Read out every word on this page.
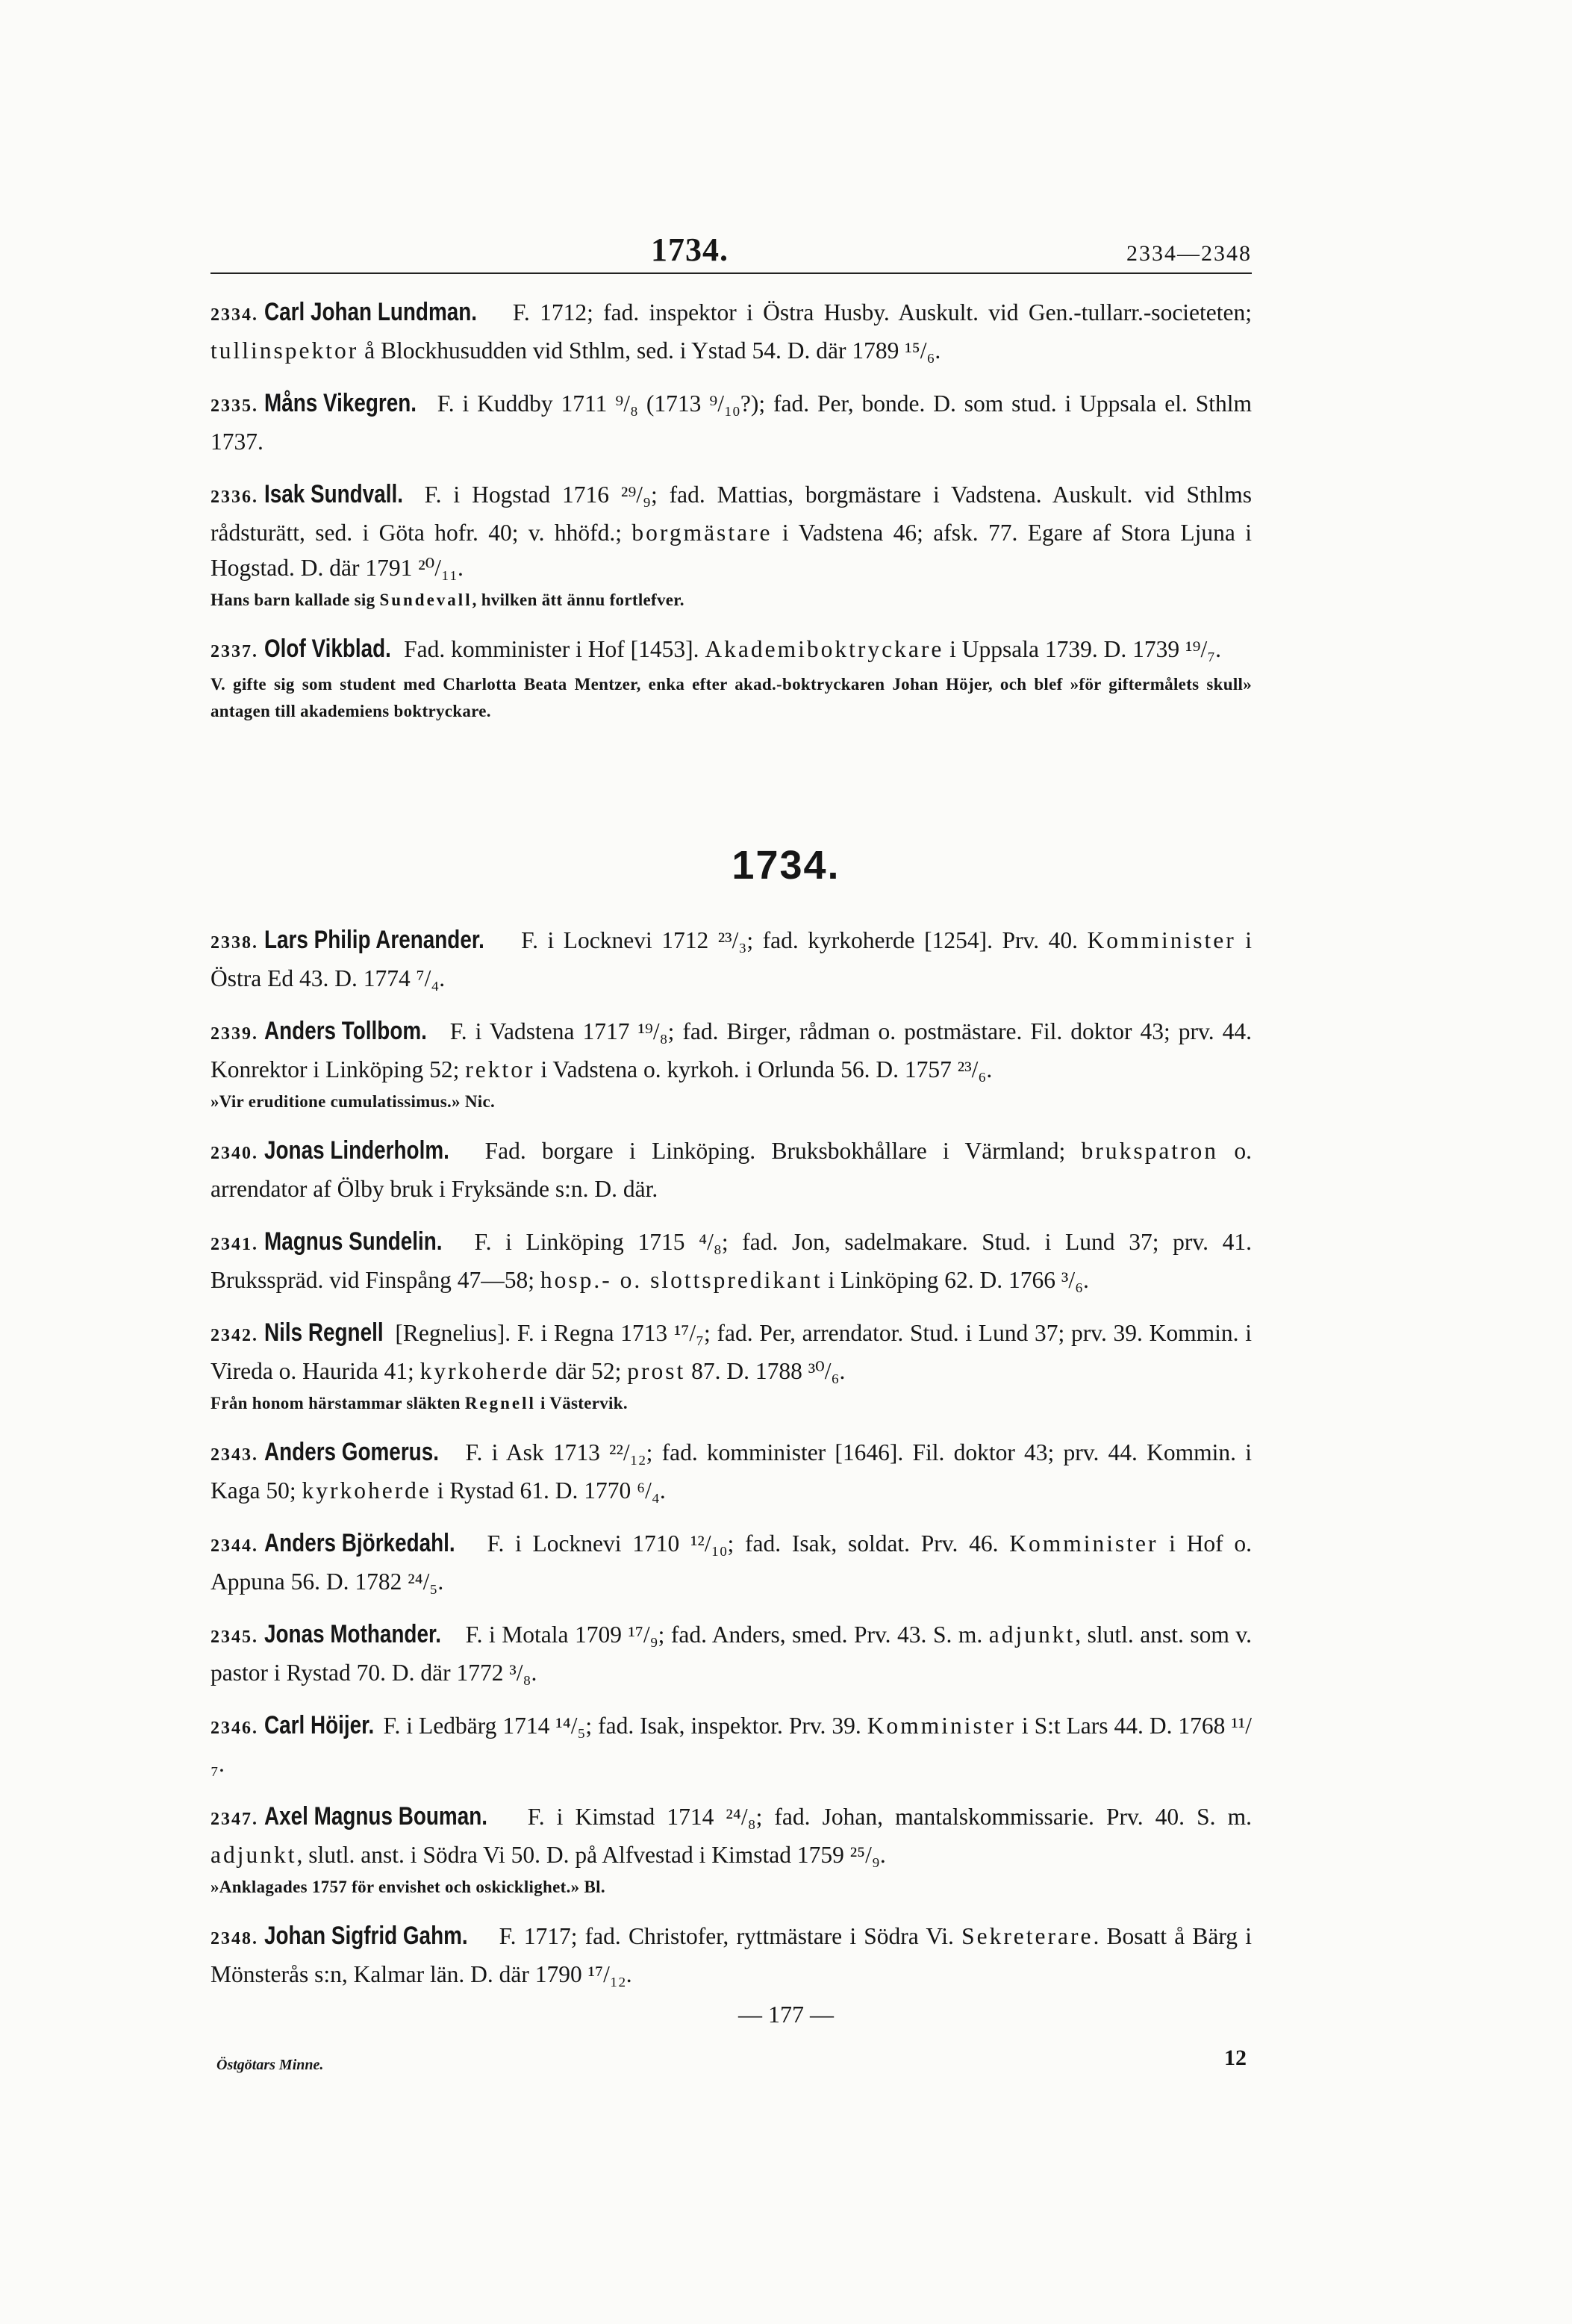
1734.	2334—2348
2334. Carl Johan Lundman. F. 1712; fad. inspektor i Östra Husby. Auskult. vid Gen.-tullarr.-societeten; tullinspektor å Blockhusudden vid Sthlm, sed. i Ystad 54. D. där 1789 ¹⁵/₆.
2335. Måns Vikegren. F. i Kuddby 1711 ⁹/₈ (1713 ⁹/₁₀?); fad. Per, bonde. D. som stud. i Uppsala el. Sthlm 1737.
2336. Isak Sundvall. F. i Hogstad 1716 ²⁹/₉; fad. Mattias, borgmästare i Vadstena. Auskult. vid Sthlms rådsturätt, sed. i Göta hofr. 40; v. hhöfd.; borgmästare i Vadstena 46; afsk. 77. Egare af Stora Ljuna i Hogstad. D. där 1791 ²⁰/₁₁.
Hans barn kallade sig Sundevall, hvilken ätt ännu fortlefver.
2337. Olof Vikblad. Fad. komminister i Hof [1453]. Akademiboktryckare i Uppsala 1739. D. 1739 ¹⁹/₇.
V. gifte sig som student med Charlotta Beata Mentzer, enka efter akad.-boktryckaren Johan Höjer, och blef »för giftermålets skull» antagen till akademiens boktryckare.
1734.
2338. Lars Philip Arenander. F. i Locknevi 1712 ²³/₃; fad. kyrkoherde [1254]. Prv. 40. Komminister i Östra Ed 43. D. 1774 ⁷/₄.
2339. Anders Tollbom. F. i Vadstena 1717 ¹⁹/₈; fad. Birger, rådman o. postmästare. Fil. doktor 43; prv. 44. Konrektor i Linköping 52; rektor i Vadstena o. kyrkoh. i Orlunda 56. D. 1757 ²³/₆.
»Vir eruditione cumulatissimus.» Nic.
2340. Jonas Linderholm. Fad. borgare i Linköping. Bruksbokhållare i Värmland; brukspatron o. arrendator af Ölby bruk i Fryksände s:n. D. där.
2341. Magnus Sundelin. F. i Linköping 1715 ⁴/₈; fad. Jon, sadelmakare. Stud. i Lund 37; prv. 41. Bruksspräd. vid Finspång 47—58; hosp.- o. slottspredikant i Linköping 62. D. 1766 ³/₆.
2342. Nils Regnell [Regnelius]. F. i Regna 1713 ¹⁷/₇; fad. Per, arrendator. Stud. i Lund 37; prv. 39. Kommin. i Vireda o. Haurida 41; kyrkoherde där 52; prost 87. D. 1788 ³⁰/₆.
Från honom härstammar släkten Regnell i Västervik.
2343. Anders Gomerus. F. i Ask 1713 ²²/₁₂; fad. komminister [1646]. Fil. doktor 43; prv. 44. Kommin. i Kaga 50; kyrkoherde i Rystad 61. D. 1770 ⁶/₄.
2344. Anders Björkedahl. F. i Locknevi 1710 ¹²/₁₀; fad. Isak, soldat. Prv. 46. Komminister i Hof o. Appuna 56. D. 1782 ²⁴/₅.
2345. Jonas Mothander. F. i Motala 1709 ¹⁷/₉; fad. Anders, smed. Prv. 43. S. m. adjunkt, slutl. anst. som v. pastor i Rystad 70. D. där 1772 ³/₈.
2346. Carl Höijer. F. i Ledbärg 1714 ¹⁴/₅; fad. Isak, inspektor. Prv. 39. Komminister i S:t Lars 44. D. 1768 ¹¹/₇.
2347. Axel Magnus Bouman. F. i Kimstad 1714 ²⁴/₈; fad. Johan, mantalskommissarie. Prv. 40. S. m. adjunkt, slutl. anst. i Södra Vi 50. D. på Alfvestad i Kimstad 1759 ²⁵/₉.
»Anklagades 1757 för envishet och oskicklighet.» Bl.
2348. Johan Sigfrid Gahm. F. 1717; fad. Christofer, ryttmästare i Södra Vi. Sekreterare. Bosatt å Bärg i Mönsterås s:n, Kalmar län. D. där 1790 ¹⁷/₁₂.
— 177 —
Östgötars Minne.	12
